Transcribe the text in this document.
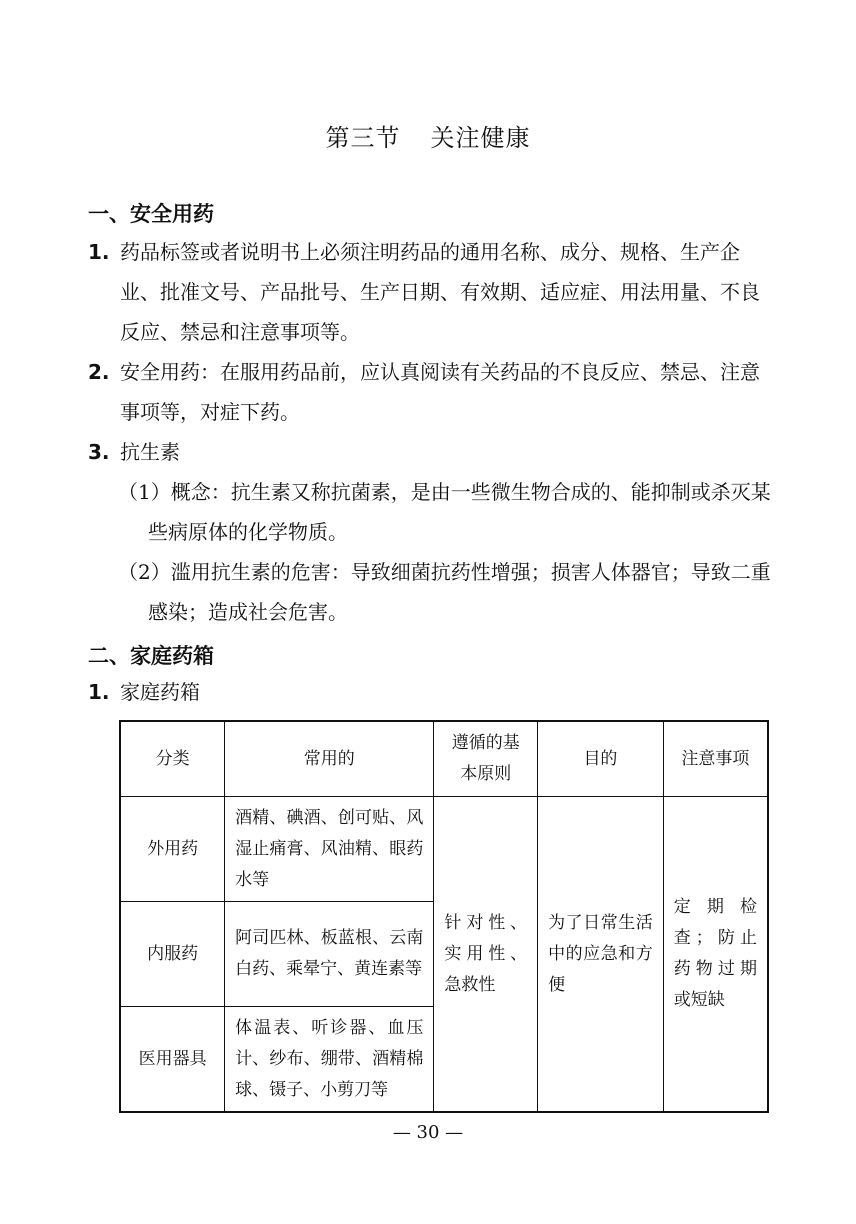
第三节 关注健康
一、安全用药
1. 药品标签或者说明书上必须注明药品的通用名称、成分、规格、生产企业、批准文号、产品批号、生产日期、有效期、适应症、用法用量、不良反应、禁忌和注意事项等。
2. 安全用药：在服用药品前，应认真阅读有关药品的不良反应、禁忌、注意事项等，对症下药。
3. 抗生素
（1）概念：抗生素又称抗菌素，是由一些微生物合成的、能抑制或杀灭某些病原体的化学物质。
（2）滥用抗生素的危害：导致细菌抗药性增强；损害人体器官；导致二重感染；造成社会危害。
二、家庭药箱
1. 家庭药箱
分类	常用的	遵循的基本原则	目的	注意事项
外用药	酒精、碘酒、创可贴、风湿止痛膏、风油精、眼药水等	针对性、实用性、急救性	为了日常生活中的应急和方便	定期检查；防止药物过期或短缺
内服药	阿司匹林、板蓝根、云南白药、乘晕宁、黄连素等			
医用器具	体温表、听诊器、血压计、纱布、绷带、酒精棉球、镊子、小剪刀等			
— 30 —
